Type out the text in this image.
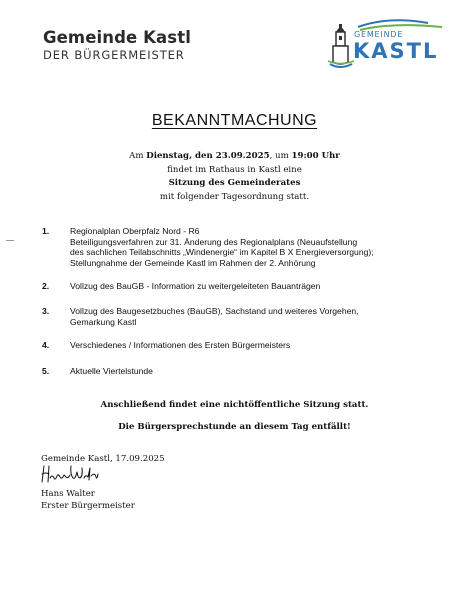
Gemeinde Kastl
DER BÜRGERMEISTER
GEMEINDE
KASTL
BEKANNTMACHUNG
Am Dienstag, den 23.09.2025, um 19:00 Uhr
findet im Rathaus in Kastl eine
Sitzung des Gemeinderates
mit folgender Tagesordnung statt.
1. Regionalplan Oberpfalz Nord - R6
Beteiligungsverfahren zur 31. Änderung des Regionalplans (Neuaufstellung
des sachlichen Teilabschnitts „Windenergie“ im Kapitel B X Energieversorgung);
Stellungnahme der Gemeinde Kastl im Rahmen der 2. Anhörung
2. Vollzug des BauGB - Information zu weitergeleiteten Bauanträgen
3. Vollzug des Baugesetzbuches (BauGB), Sachstand und weiteres Vorgehen,
Gemarkung Kastl
4. Verschiedenes / Informationen des Ersten Bürgermeisters
5. Aktuelle Viertelstunde
Anschließend findet eine nichtöffentliche Sitzung statt.
Die Bürgersprechstunde an diesem Tag entfällt!
Gemeinde Kastl, 17.09.2025
Hans Walter
Erster Bürgermeister
